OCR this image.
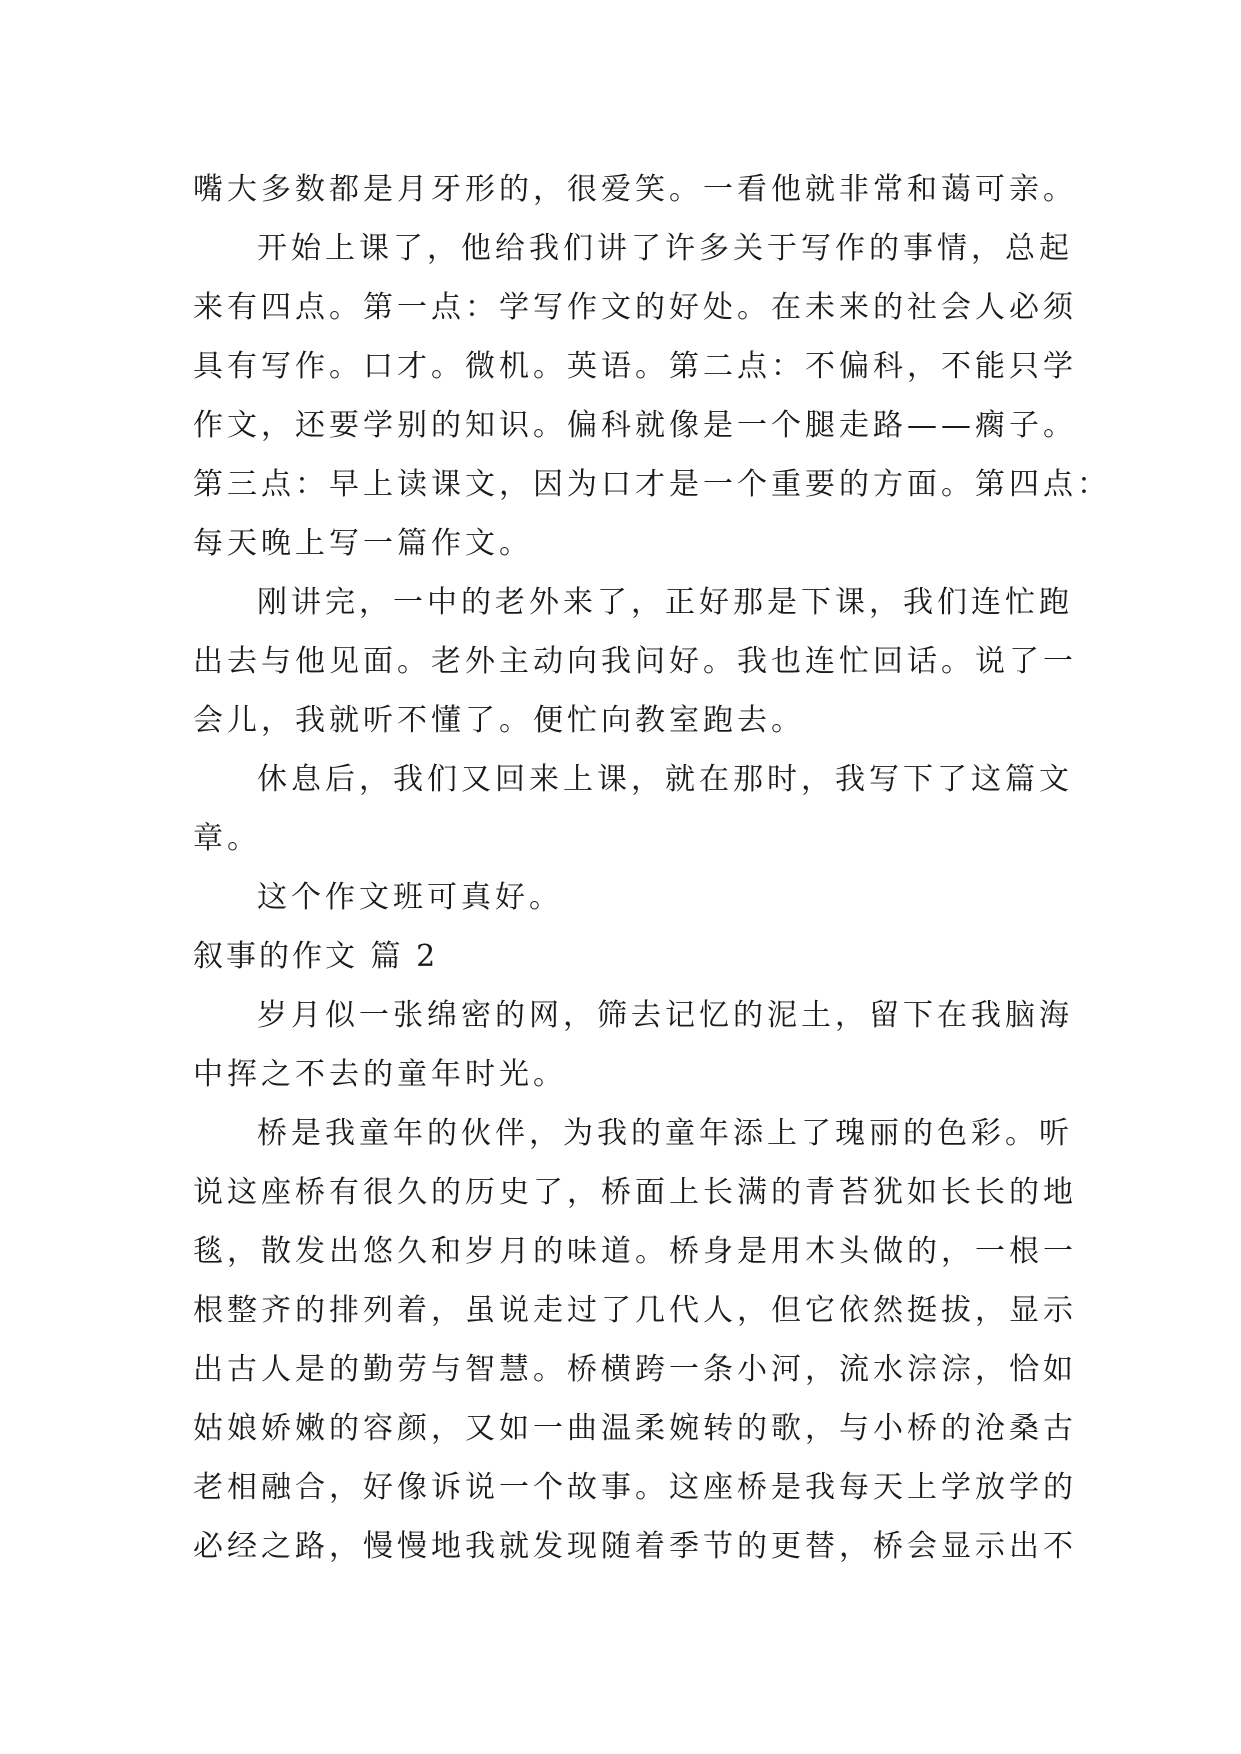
嘴大多数都是月牙形的，很爱笑。一看他就非常和蔼可亲。
开始上课了，他给我们讲了许多关于写作的事情，总起
来有四点。第一点：学写作文的好处。在未来的社会人必须
具有写作。口才。微机。英语。第二点：不偏科，不能只学
作文，还要学别的知识。偏科就像是一个腿走路——瘸子。
第三点：早上读课文，因为口才是一个重要的方面。第四点：
每天晚上写一篇作文。
刚讲完，一中的老外来了，正好那是下课，我们连忙跑
出去与他见面。老外主动向我问好。我也连忙回话。说了一
会儿，我就听不懂了。便忙向教室跑去。
休息后，我们又回来上课，就在那时，我写下了这篇文
章。
这个作文班可真好。
叙事的作文 篇 2
岁月似一张绵密的网，筛去记忆的泥土，留下在我脑海
中挥之不去的童年时光。
桥是我童年的伙伴，为我的童年添上了瑰丽的色彩。听
说这座桥有很久的历史了，桥面上长满的青苔犹如长长的地
毯，散发出悠久和岁月的味道。桥身是用木头做的，一根一
根整齐的排列着，虽说走过了几代人，但它依然挺拔，显示
出古人是的勤劳与智慧。桥横跨一条小河，流水淙淙，恰如
姑娘娇嫩的容颜，又如一曲温柔婉转的歌，与小桥的沧桑古
老相融合，好像诉说一个故事。这座桥是我每天上学放学的
必经之路，慢慢地我就发现随着季节的更替，桥会显示出不
